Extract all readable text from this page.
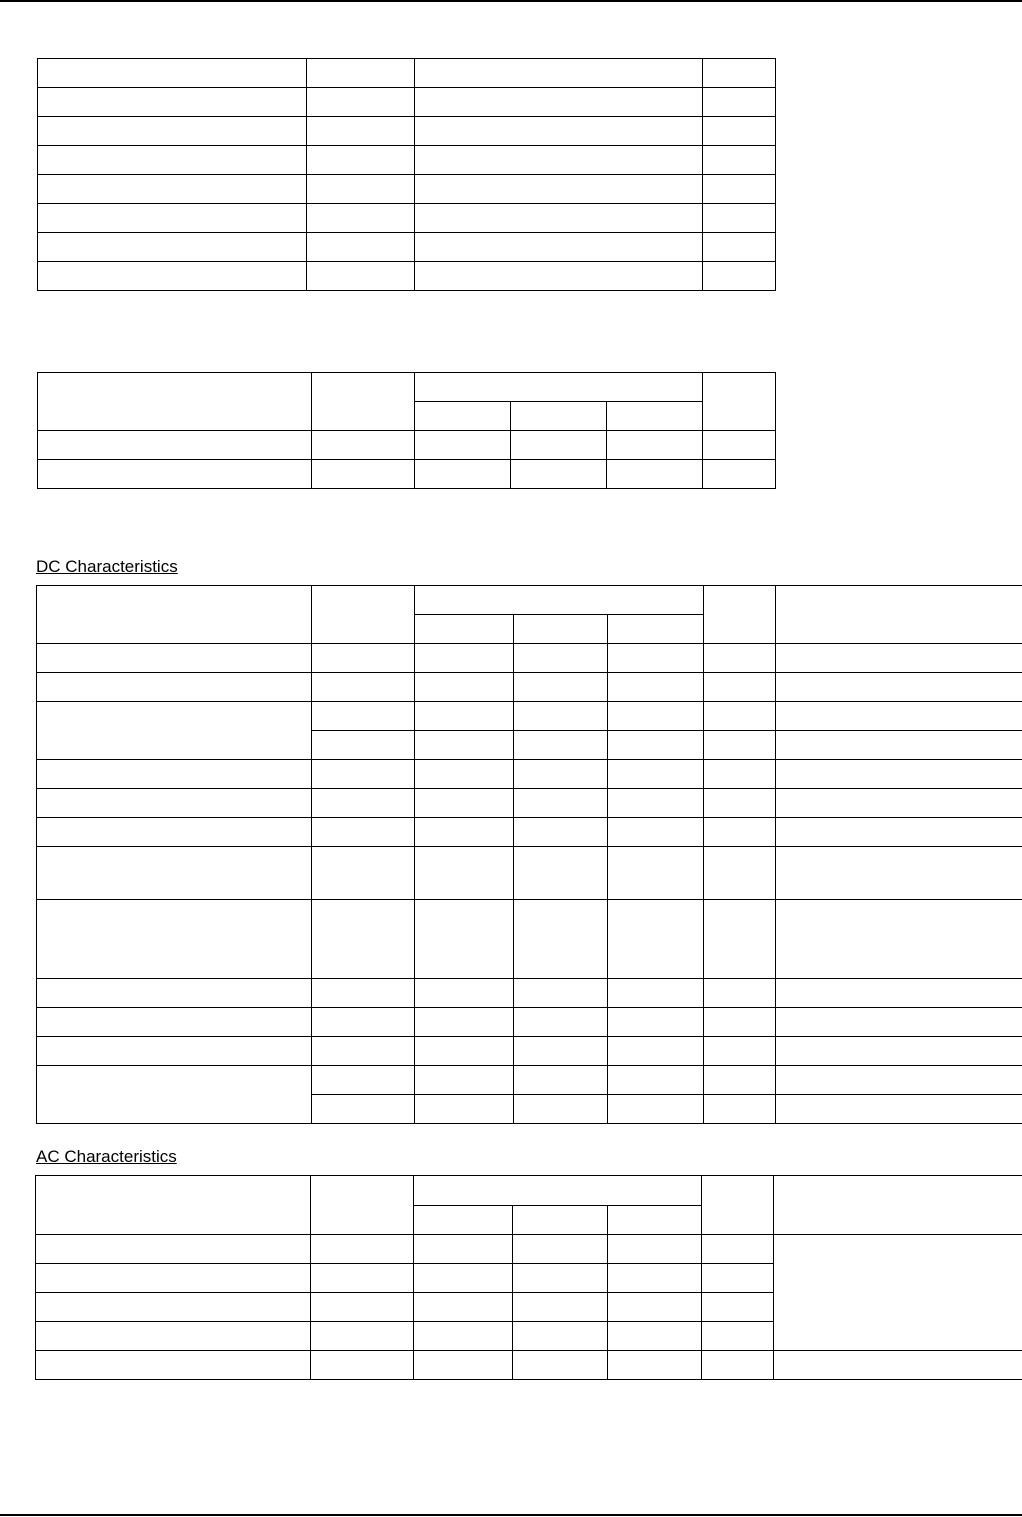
DC Characteristics

AC Characteristics
